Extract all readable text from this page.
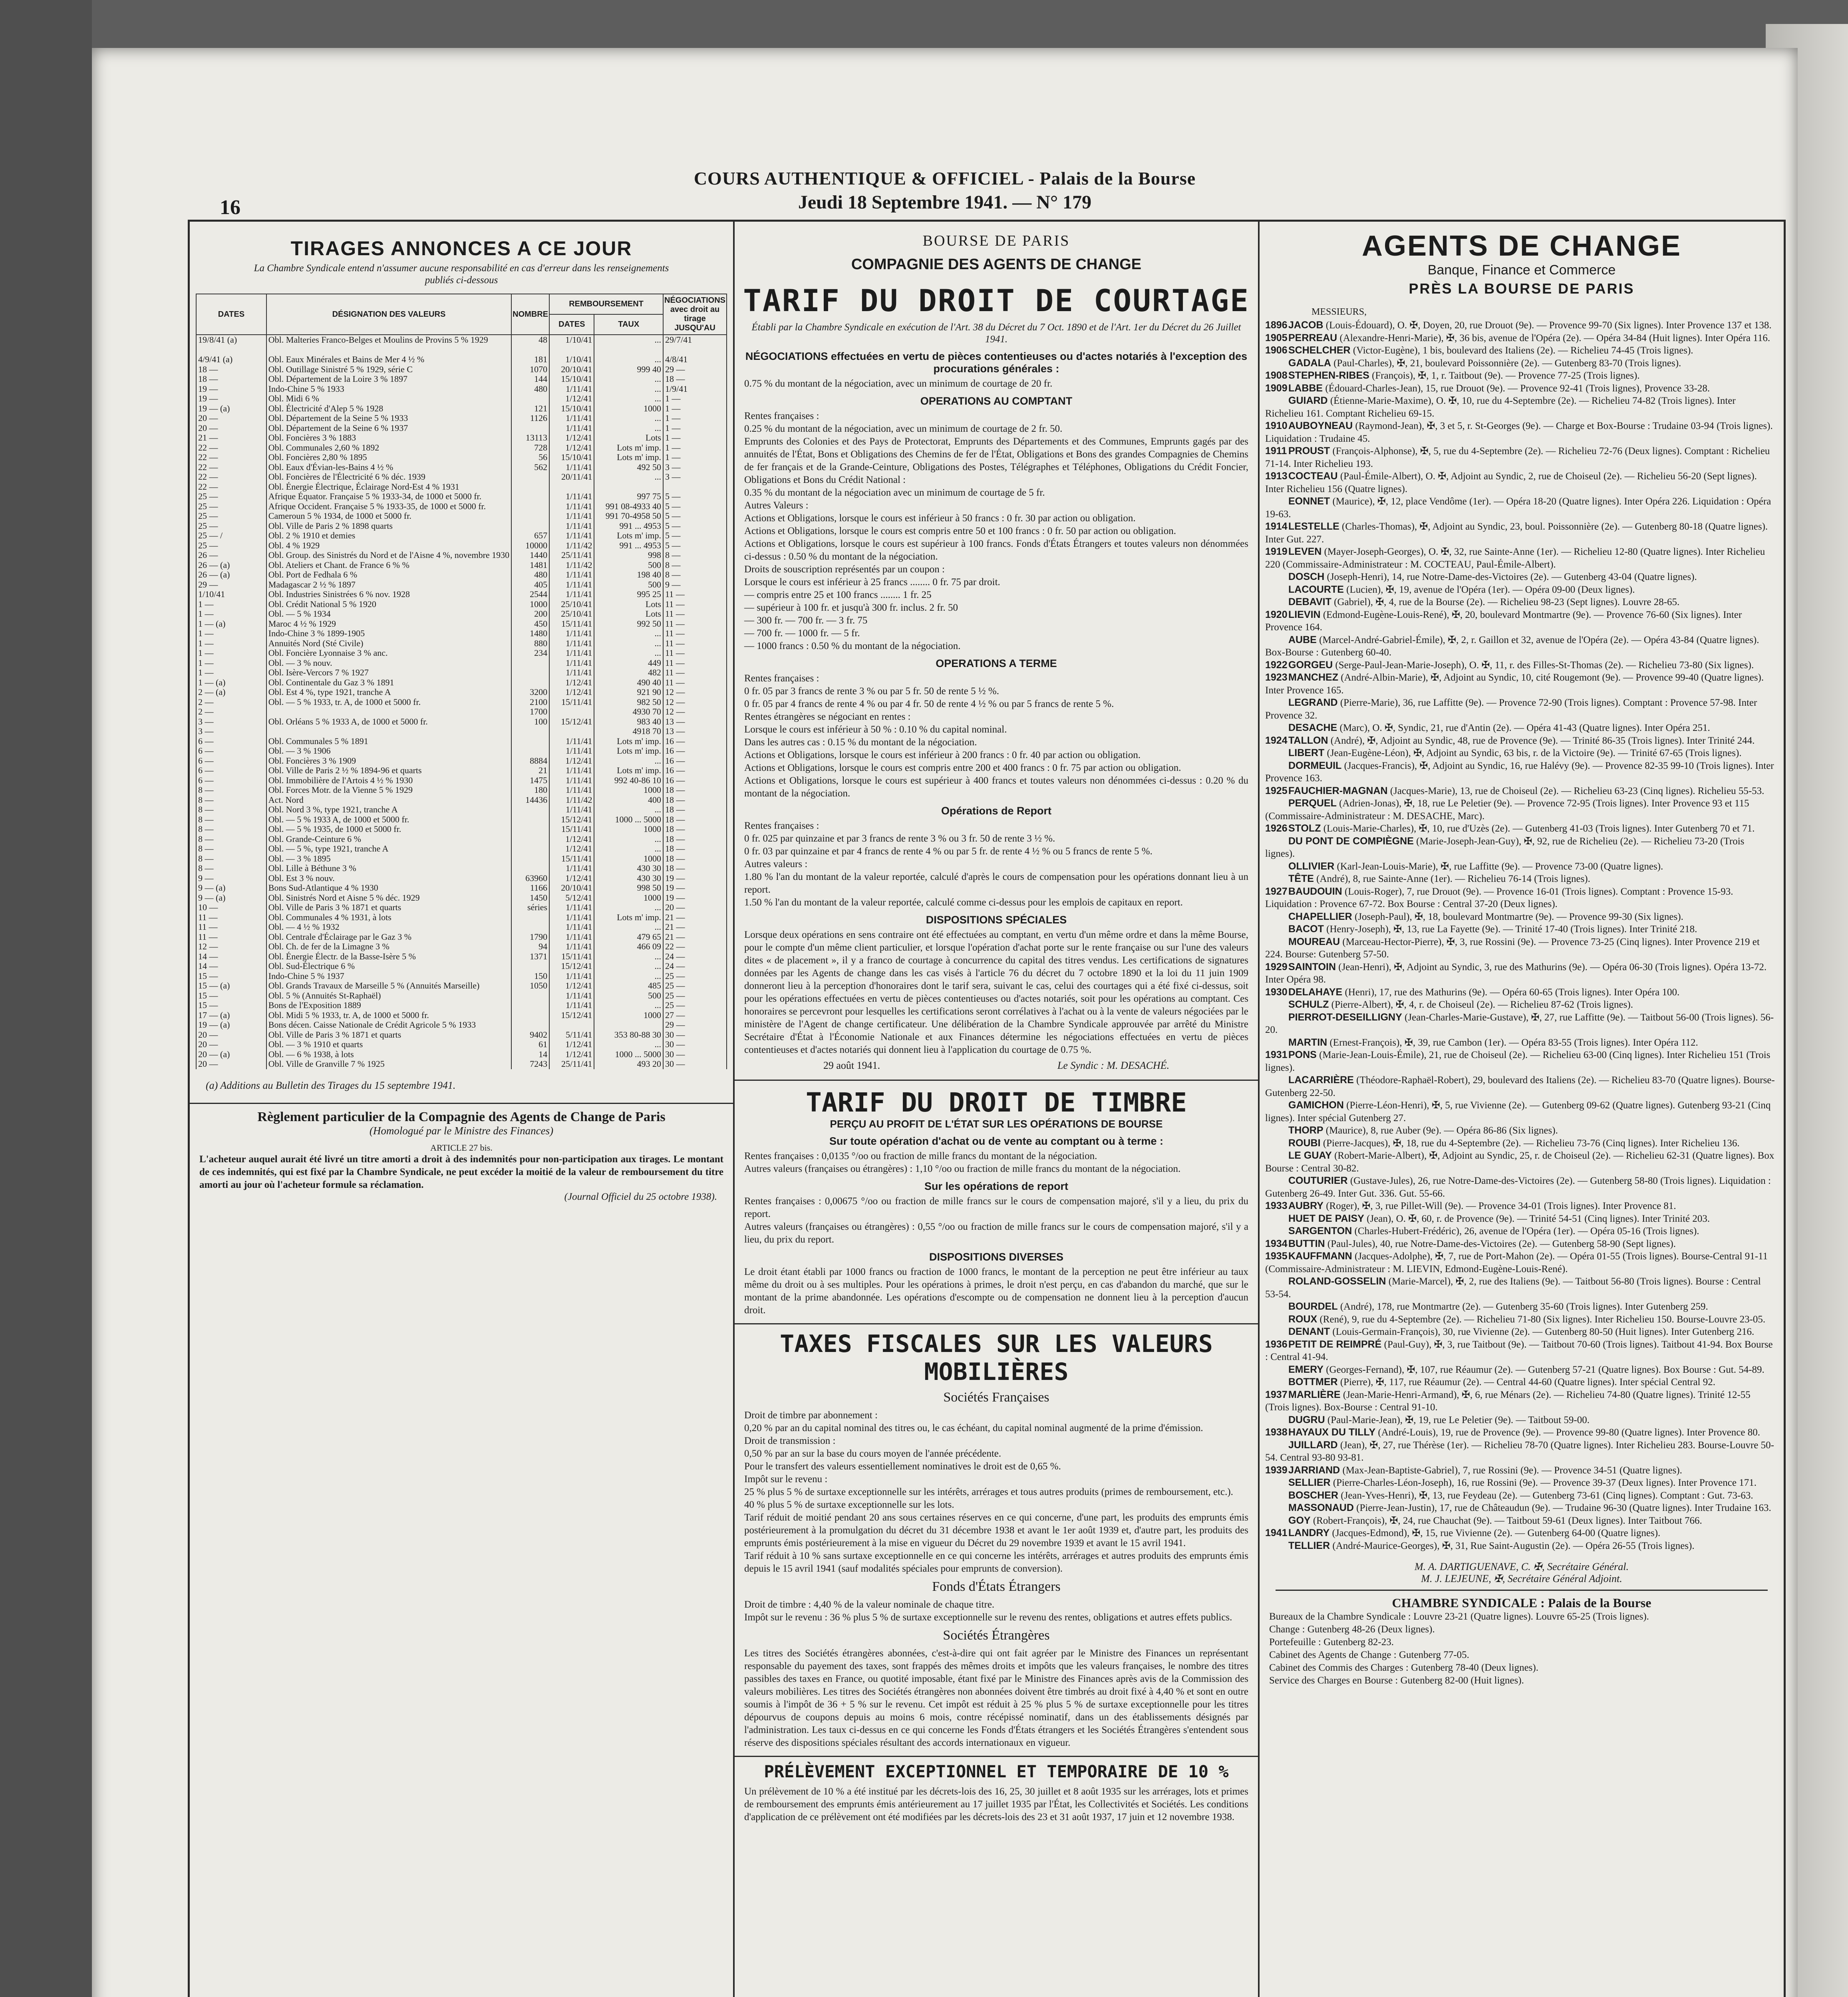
16
COURS AUTHENTIQUE & OFFICIEL - Palais de la Bourse
Jeudi 18 Septembre 1941. — N° 179
TIRAGES ANNONCES A CE JOUR
La Chambre Syndicale entend n'assumer aucune responsabilité en cas d'erreur dans les renseignements publiés ci-dessous
DATES	DÉSIGNATION DES VALEURS	NOMBRE	REMBOURSEMENT		NÉGOCIATIONS avec droit au tirage JUSQU'AU
			DATES	TAUX	
19/8/41 (a)	Obl. Malteries Franco-Belges et Moulins de Provins 5 % 1929	48	1/10/41	...	29/7/41

4/9/41 (a)	Obl. Eaux Minérales et Bains de Mer 4 ½ %	181	1/10/41	...	4/8/41
18 —	Obl. Outillage Sinistré 5 % 1929, série C	1070	20/10/41	999 40	29 —
18 —	Obl. Département de la Loire 3 % 1897	144	15/10/41	...	18 —
19 —	Indo-Chine 5 % 1933	480	1/11/41	...	1/9/41
19 —	Obl. Midi 6 %		1/12/41	...	1 —
19 — (a)	Obl. Électricité d'Alep 5 % 1928	121	15/10/41	1000	1 —
20 —	Obl. Département de la Seine 5 % 1933	1126	1/11/41	...	1 —
20 —	Obl. Département de la Seine 6 % 1937		1/11/41	...	1 —
21 —	Obl. Foncières 3 % 1883	13113	1/12/41	Lots	1 —
22 —	Obl. Communales 2,60 % 1892	728	1/12/41	Lots m' imp.	1 —
22 —	Obl. Foncières 2,80 % 1895	56	15/10/41	Lots m' imp.	1 —
22 —	Obl. Eaux d'Évian-les-Bains 4 ½ %	562	1/11/41	492 50	3 —
22 —	Obl. Foncières de l'Électricité 6 % déc. 1939		20/11/41	...	3 —
22 —	Obl. Énergie Électrique, Éclairage Nord-Est 4 % 1931				
25 —	Afrique Équator. Française 5 % 1933-34, de 1000 et 5000 fr.		1/11/41	997 75	5 —
25 —	Afrique Occident. Française 5 % 1933-35, de 1000 et 5000 fr.		1/11/41	991 08-4933 40	5 —
25 —	Cameroun 5 % 1934, de 1000 et 5000 fr.		1/11/41	991 70-4958 50	5 —
25 —	Obl. Ville de Paris 2 % 1898 quarts		1/11/41	991 ... 4953	5 —
25 — /	Obl. 2 % 1910 et demies	657	1/11/41	Lots m' imp.	5 —
25 —	Obl. 4 % 1929	10000	1/11/42	991 ... 4953	5 —
26 —	Obl. Group. des Sinistrés du Nord et de l'Aisne 4 %, novembre 1930	1440	25/11/41	998	8 —
26 — (a)	Obl. Ateliers et Chant. de France 6 % %	1481	1/11/42	500	8 —
26 — (a)	Obl. Port de Fedhala 6 %	480	1/11/41	198 40	8 —
29 —	Madagascar 2 ½ % 1897	405	1/11/41	500	9 —
1/10/41	Obl. Industries Sinistrées 6 % nov. 1928	2544	1/11/41	995 25	11 —
1 —	Obl. Crédit National 5 % 1920	1000	25/10/41	Lots	11 —
1 —	Obl. — 5 % 1934	200	25/10/41	Lots	11 —
1 — (a)	Maroc 4 ½ % 1929	450	15/11/41	992 50	11 —
1 —	Indo-Chine 3 % 1899-1905	1480	1/11/41	...	11 —
1 —	Annuités Nord (Sté Civile)	880	1/11/41	...	11 —
1 —	Obl. Foncière Lyonnaise 3 % anc.	234	1/11/41	...	11 —
1 —	Obl. — 3 % nouv.		1/11/41	449	11 —
1 —	Obl. Isère-Vercors 7 % 1927		1/11/41	482	11 —
1 — (a)	Obl. Continentale du Gaz 3 % 1891		1/12/41	490 40	11 —
2 — (a)	Obl. Est 4 %, type 1921, tranche A	3200	1/12/41	921 90	12 —
2 —	Obl. — 5 % 1933, tr. A, de 1000 et 5000 fr.	2100	15/11/41	982 50	12 —
2 —		1700		4930 70	12 —
3 —	Obl. Orléans 5 % 1933 A, de 1000 et 5000 fr.	100	15/12/41	983 40	13 —
3 —				4918 70	13 —
6 —	Obl. Communales 5 % 1891		1/11/41	Lots m' imp.	16 —
6 —	Obl. — 3 % 1906		1/11/41	Lots m' imp.	16 —
6 —	Obl. Foncières 3 % 1909	8884	1/12/41	...	16 —
6 —	Obl. Ville de Paris 2 ½ % 1894-96 et quarts	21	1/11/41	Lots m' imp.	16 —
6 —	Obl. Immobilière de l'Artois 4 ½ % 1930	1475	1/11/41	992 40-86 10	16 —
8 —	Obl. Forces Motr. de la Vienne 5 % 1929	180	1/11/41	1000	18 —
8 —	Act. Nord	14436	1/11/42	400	18 —
8 —	Obl. Nord 3 %, type 1921, tranche A		1/11/41	...	18 —
8 —	Obl. — 5 % 1933 A, de 1000 et 5000 fr.		15/12/41	1000 ... 5000	18 —
8 —	Obl. — 5 % 1935, de 1000 et 5000 fr.		15/11/41	1000	18 —
8 —	Obl. Grande-Ceinture 6 %		1/12/41	...	18 —
8 —	Obl. — 5 %, type 1921, tranche A		1/12/41	...	18 —
8 —	Obl. — 3 % 1895		15/11/41	1000	18 —
8 —	Obl. Lille à Béthune 3 %		1/11/41	430 30	18 —
9 —	Obl. Est 3 % nouv.	63960	1/12/41	430 30	19 —
9 — (a)	Bons Sud-Atlantique 4 % 1930	1166	20/10/41	998 50	19 —
9 — (a)	Obl. Sinistrés Nord et Aisne 5 % déc. 1929	1450	5/12/41	1000	19 —
10 —	Obl. Ville de Paris 3 % 1871 et quarts	séries	1/11/41	...	20 —
11 —	Obl. Communales 4 % 1931, à lots		1/11/41	Lots m' imp.	21 —
11 —	Obl. — 4 ½ % 1932		1/11/41	...	21 —
11 —	Obl. Centrale d'Éclairage par le Gaz 3 %	1790	1/11/41	479 65	21 —
12 —	Obl. Ch. de fer de la Limagne 3 %	94	1/11/41	466 09	22 —
14 —	Obl. Énergie Électr. de la Basse-Isère 5 %	1371	15/11/41	...	24 —
14 —	Obl. Sud-Électrique 6 %		15/12/41	...	24 —
15 —	Indo-Chine 5 % 1937	150	1/11/41	...	25 —
15 — (a)	Obl. Grands Travaux de Marseille 5 % (Annuités Marseille)	1050	1/12/41	485	25 —
15 —	Obl. 5 % (Annuités St-Raphaël)		1/11/41	500	25 —
15 —	Bons de l'Exposition 1889		1/11/41	...	25 —
17 — (a)	Obl. Midi 5 % 1933, tr. A, de 1000 et 5000 fr.		15/12/41	1000	27 —
19 — (a)	Bons décen. Caisse Nationale de Crédit Agricole 5 % 1933				29 —
20 —	Obl. Ville de Paris 3 % 1871 et quarts	9402	5/11/41	353 80-88 30	30 —
20 —	Obl. — 3 % 1910 et quarts	61	1/12/41	...	30 —
20 — (a)	Obl. — 6 % 1938, à lots	14	1/12/41	1000 ... 5000	30 —
20 —	Obl. Ville de Granville 7 % 1925	7243	25/11/41	493 20	30 —
(a) Additions au Bulletin des Tirages du 15 septembre 1941.
Règlement particulier de la Compagnie des Agents de Change de Paris
(Homologué par le Ministre des Finances)
ARTICLE 27 bis.
L'acheteur auquel aurait été livré un titre amorti a droit à des indemnités pour non-participation aux tirages. Le montant de ces indemnités, qui est fixé par la Chambre Syndicale, ne peut excéder la moitié de la valeur de remboursement du titre amorti au jour où l'acheteur formule sa réclamation.
(Journal Officiel du 25 octobre 1938).
BOURSE DE PARIS
COMPAGNIE DES AGENTS DE CHANGE
TARIF DU DROIT DE COURTAGE
Établi par la Chambre Syndicale en exécution de l'Art. 38 du Décret du 7 Oct. 1890 et de l'Art. 1er du Décret du 26 Juillet 1941.
NÉGOCIATIONS effectuées en vertu de pièces contentieuses ou d'actes notariés à l'exception des procurations générales :
0.75 % du montant de la négociation, avec un minimum de courtage de 20 fr.
OPERATIONS AU COMPTANT
Rentes françaises :
0.25 % du montant de la négociation, avec un minimum de courtage de 2 fr. 50.
Emprunts des Colonies et des Pays de Protectorat, Emprunts des Départements et des Communes, Emprunts gagés par des annuités de l'État, Bons et Obligations des Chemins de fer de l'État, Obligations et Bons des grandes Compagnies de Chemins de fer français et de la Grande-Ceinture, Obligations des Postes, Télégraphes et Téléphones, Obligations du Crédit Foncier, Obligations et Bons du Crédit National :
0.35 % du montant de la négociation avec un minimum de courtage de 5 fr.
Autres Valeurs :
Actions et Obligations, lorsque le cours est inférieur à 50 francs : 0 fr. 30 par action ou obligation.
Actions et Obligations, lorsque le cours est compris entre 50 et 100 francs : 0 fr. 50 par action ou obligation.
Actions et Obligations, lorsque le cours est supérieur à 100 francs. Fonds d'États Étrangers et toutes valeurs non dénommées ci-dessus : 0.50 % du montant de la négociation.
Droits de souscription représentés par un coupon :
Lorsque le cours est inférieur à 25 francs ........ 0 fr. 75 par droit.
— compris entre 25 et 100 francs ........ 1 fr. 25
— supérieur à 100 fr. et jusqu'à 300 fr. inclus. 2 fr. 50
— 300 fr. — 700 fr. — 3 fr. 75
— 700 fr. — 1000 fr. — 5 fr.
— 1000 francs : 0.50 % du montant de la négociation.
OPERATIONS A TERME
Rentes françaises :
0 fr. 05 par 3 francs de rente 3 % ou par 5 fr. 50 de rente 5 ½ %.
0 fr. 05 par 4 francs de rente 4 % ou par 4 fr. 50 de rente 4 ½ % ou par 5 francs de rente 5 %.
Rentes étrangères se négociant en rentes :
Lorsque le cours est inférieur à 50 % : 0.10 % du capital nominal.
Dans les autres cas : 0.15 % du montant de la négociation.
Actions et Obligations, lorsque le cours est inférieur à 200 francs : 0 fr. 40 par action ou obligation.
Actions et Obligations, lorsque le cours est compris entre 200 et 400 francs : 0 fr. 75 par action ou obligation.
Actions et Obligations, lorsque le cours est supérieur à 400 francs et toutes valeurs non dénommées ci-dessus : 0.20 % du montant de la négociation.
Opérations de Report
Rentes françaises :
0 fr. 025 par quinzaine et par 3 francs de rente 3 % ou 3 fr. 50 de rente 3 ½ %.
0 fr. 03 par quinzaine et par 4 francs de rente 4 % ou par 5 fr. de rente 4 ½ % ou 5 francs de rente 5 %.
Autres valeurs :
1.80 % l'an du montant de la valeur reportée, calculé d'après le cours de compensation pour les opérations donnant lieu à un report.
1.50 % l'an du montant de la valeur reportée, calculé comme ci-dessus pour les emplois de capitaux en report.
DISPOSITIONS SPÉCIALES
Lorsque deux opérations en sens contraire ont été effectuées au comptant, en vertu d'un même ordre et dans la même Bourse, pour le compte d'un même client particulier, et lorsque l'opération d'achat porte sur le rente française ou sur l'une des valeurs dites « de placement », il y a franco de courtage à concurrence du capital des titres vendus. Les certifications de signatures données par les Agents de change dans les cas visés à l'article 76 du décret du 7 octobre 1890 et la loi du 11 juin 1909 donneront lieu à la perception d'honoraires dont le tarif sera, suivant le cas, celui des courtages qui a été fixé ci-dessus, soit pour les opérations effectuées en vertu de pièces contentieuses ou d'actes notariés, soit pour les opérations au comptant. Ces honoraires se percevront pour lesquelles les certifications seront corrélatives à l'achat ou à la vente de valeurs négociées par le ministère de l'Agent de change certificateur. Une délibération de la Chambre Syndicale approuvée par arrêté du Ministre Secrétaire d'État à l'Économie Nationale et aux Finances détermine les négociations effectuées en vertu de pièces contentieuses et d'actes notariés qui donnent lieu à l'application du courtage de 0.75 %.
29 août 1941.	Le Syndic : M. DESACHÉ.
TARIF DU DROIT DE TIMBRE
PERÇU AU PROFIT DE L'ÉTAT SUR LES OPÉRATIONS DE BOURSE
Sur toute opération d'achat ou de vente au comptant ou à terme :
Rentes françaises : 0,0135 °/oo ou fraction de mille francs du montant de la négociation.
Autres valeurs (françaises ou étrangères) : 1,10 °/oo ou fraction de mille francs du montant de la négociation.
Sur les opérations de report
Rentes françaises : 0,00675 °/oo ou fraction de mille francs sur le cours de compensation majoré, s'il y a lieu, du prix du report.
Autres valeurs (françaises ou étrangères) : 0,55 °/oo ou fraction de mille francs sur le cours de compensation majoré, s'il y a lieu, du prix du report.
DISPOSITIONS DIVERSES
Le droit étant établi par 1000 francs ou fraction de 1000 francs, le montant de la perception ne peut être inférieur au taux même du droit ou à ses multiples. Pour les opérations à primes, le droit n'est perçu, en cas d'abandon du marché, que sur le montant de la prime abandonnée. Les opérations d'escompte ou de compensation ne donnent lieu à la perception d'aucun droit.
TAXES FISCALES SUR LES VALEURS MOBILIÈRES
Sociétés Françaises
Droit de timbre par abonnement :
0,20 % par an du capital nominal des titres ou, le cas échéant, du capital nominal augmenté de la prime d'émission.
Droit de transmission :
0,50 % par an sur la base du cours moyen de l'année précédente.
Pour le transfert des valeurs essentiellement nominatives le droit est de 0,65 %.
Impôt sur le revenu :
25 % plus 5 % de surtaxe exceptionnelle sur les intérêts, arrérages et tous autres produits (primes de remboursement, etc.).
40 % plus 5 % de surtaxe exceptionnelle sur les lots.
Tarif réduit de moitié pendant 20 ans sous certaines réserves en ce qui concerne, d'une part, les produits des emprunts émis postérieurement à la promulgation du décret du 31 décembre 1938 et avant le 1er août 1939 et, d'autre part, les produits des emprunts émis postérieurement à la mise en vigueur du Décret du 29 novembre 1939 et avant le 15 avril 1941.
Tarif réduit à 10 % sans surtaxe exceptionnelle en ce qui concerne les intérêts, arrérages et autres produits des emprunts émis depuis le 15 avril 1941 (sauf modalités spéciales pour emprunts de conversion).
Fonds d'États Étrangers
Droit de timbre : 4,40 % de la valeur nominale de chaque titre.
Impôt sur le revenu : 36 % plus 5 % de surtaxe exceptionnelle sur le revenu des rentes, obligations et autres effets publics.
Sociétés Étrangères
Les titres des Sociétés étrangères abonnées, c'est-à-dire qui ont fait agréer par le Ministre des Finances un représentant responsable du payement des taxes, sont frappés des mêmes droits et impôts que les valeurs françaises, le nombre des titres passibles des taxes en France, ou quotité imposable, étant fixé par le Ministre des Finances après avis de la Commission des valeurs mobilières. Les titres des Sociétés étrangères non abonnées doivent être timbrés au droit fixé à 4,40 % et sont en outre soumis à l'impôt de 36 + 5 % sur le revenu. Cet impôt est réduit à 25 % plus 5 % de surtaxe exceptionnelle pour les titres dépourvus de coupons depuis au moins 6 mois, contre récépissé nominatif, dans un des établissements désignés par l'administration. Les taux ci-dessus en ce qui concerne les Fonds d'États étrangers et les Sociétés Étrangères s'entendent sous réserve des dispositions spéciales résultant des accords internationaux en vigueur.
PRÉLÈVEMENT EXCEPTIONNEL ET TEMPORAIRE DE 10 %
Un prélèvement de 10 % a été institué par les décrets-lois des 16, 25, 30 juillet et 8 août 1935 sur les arrérages, lots et primes de remboursement des emprunts émis antérieurement au 17 juillet 1935 par l'État, les Collectivités et Sociétés. Les conditions d'application de ce prélèvement ont été modifiées par les décrets-lois des 23 et 31 août 1937, 17 juin et 12 novembre 1938.
AGENTS DE CHANGE
Banque, Finance et Commerce
PRÈS LA BOURSE DE PARIS
MESSIEURS,
1896JACOB (Louis-Édouard), O. ✠, Doyen, 20, rue Drouot (9e). — Provence 99-70 (Six lignes). Inter Provence 137 et 138.
1905PERREAU (Alexandre-Henri-Marie), ✠, 36 bis, avenue de l'Opéra (2e). — Opéra 34-84 (Huit lignes). Inter Opéra 116.
1906SCHELCHER (Victor-Eugène), 1 bis, boulevard des Italiens (2e). — Richelieu 74-45 (Trois lignes).
GADALA (Paul-Charles), ✠, 21, boulevard Poissonnière (2e). — Gutenberg 83-70 (Trois lignes).
1908STEPHEN-RIBES (François), ✠, 1, r. Taitbout (9e). — Provence 77-25 (Trois lignes).
1909LABBE (Édouard-Charles-Jean), 15, rue Drouot (9e). — Provence 92-41 (Trois lignes), Provence 33-28.
GUIARD (Étienne-Marie-Maxime), O. ✠, 10, rue du 4-Septembre (2e). — Richelieu 74-82 (Trois lignes). Inter Richelieu 161. Comptant Richelieu 69-15.
1910AUBOYNEAU (Raymond-Jean), ✠, 3 et 5, r. St-Georges (9e). — Charge et Box-Bourse : Trudaine 03-94 (Trois lignes). Liquidation : Trudaine 45.
1911 PROUST (François-Alphonse), ✠, 5, rue du 4-Septembre (2e). — Richelieu 72-76 (Deux lignes). Comptant : Richelieu 71-14. Inter Richelieu 193.
1913COCTEAU (Paul-Émile-Albert), O. ✠, Adjoint au Syndic, 2, rue de Choiseul (2e). — Richelieu 56-20 (Sept lignes). Inter Richelieu 156 (Quatre lignes).
EONNET (Maurice), ✠, 12, place Vendôme (1er). — Opéra 18-20 (Quatre lignes). Inter Opéra 226. Liquidation : Opéra 19-63.
1914LESTELLE (Charles-Thomas), ✠, Adjoint au Syndic, 23, boul. Poissonnière (2e). — Gutenberg 80-18 (Quatre lignes). Inter Gut. 227.
1919LEVEN (Mayer-Joseph-Georges), O. ✠, 32, rue Sainte-Anne (1er). — Richelieu 12-80 (Quatre lignes). Inter Richelieu 220 (Commissaire-Administrateur : M. COCTEAU, Paul-Émile-Albert).
DOSCH (Joseph-Henri), 14, rue Notre-Dame-des-Victoires (2e). — Gutenberg 43-04 (Quatre lignes).
LACOURTE (Lucien), ✠, 19, avenue de l'Opéra (1er). — Opéra 09-00 (Deux lignes).
DEBAVIT (Gabriel), ✠, 4, rue de la Bourse (2e). — Richelieu 98-23 (Sept lignes). Louvre 28-65.
1920LIEVIN (Edmond-Eugène-Louis-René), ✠, 20, boulevard Montmartre (9e). — Provence 76-60 (Six lignes). Inter Provence 164.
AUBE (Marcel-André-Gabriel-Émile), ✠, 2, r. Gaillon et 32, avenue de l'Opéra (2e). — Opéra 43-84 (Quatre lignes). Box-Bourse : Gutenberg 60-40.
1922GORGEU (Serge-Paul-Jean-Marie-Joseph), O. ✠, 11, r. des Filles-St-Thomas (2e). — Richelieu 73-80 (Six lignes).
1923MANCHEZ (André-Albin-Marie), ✠, Adjoint au Syndic, 10, cité Rougemont (9e). — Provence 99-40 (Quatre lignes). Inter Provence 165.
LEGRAND (Pierre-Marie), 36, rue Laffitte (9e). — Provence 72-90 (Trois lignes). Comptant : Provence 57-98. Inter Provence 32.
DESACHE (Marc), O. ✠, Syndic, 21, rue d'Antin (2e). — Opéra 41-43 (Quatre lignes). Inter Opéra 251.
1924TALLON (André), ✠, Adjoint au Syndic, 48, rue de Provence (9e). — Trinité 86-35 (Trois lignes). Inter Trinité 244.
LIBERT (Jean-Eugène-Léon), ✠, Adjoint au Syndic, 63 bis, r. de la Victoire (9e). — Trinité 67-65 (Trois lignes).
DORMEUIL (Jacques-Francis), ✠, Adjoint au Syndic, 16, rue Halévy (9e). — Provence 82-35 99-10 (Trois lignes). Inter Provence 163.
1925FAUCHIER-MAGNAN (Jacques-Marie), 13, rue de Choiseul (2e). — Richelieu 63-23 (Cinq lignes). Richelieu 55-53.
PERQUEL (Adrien-Jonas), ✠, 18, rue Le Peletier (9e). — Provence 72-95 (Trois lignes). Inter Provence 93 et 115 (Commissaire-Administrateur : M. DESACHE, Marc).
1926STOLZ (Louis-Marie-Charles), ✠, 10, rue d'Uzès (2e). — Gutenberg 41-03 (Trois lignes). Inter Gutenberg 70 et 71.
DU PONT DE COMPIÈGNE (Marie-Joseph-Jean-Guy), ✠, 92, rue de Richelieu (2e). — Richelieu 73-20 (Trois lignes).
OLLIVIER (Karl-Jean-Louis-Marie), ✠, rue Laffitte (9e). — Provence 73-00 (Quatre lignes).
TÊTE (André), 8, rue Sainte-Anne (1er). — Richelieu 76-14 (Trois lignes).
1927BAUDOUIN (Louis-Roger), 7, rue Drouot (9e). — Provence 16-01 (Trois lignes). Comptant : Provence 15-93. Liquidation : Provence 67-72. Box Bourse : Central 37-20 (Deux lignes).
CHAPELLIER (Joseph-Paul), ✠, 18, boulevard Montmartre (9e). — Provence 99-30 (Six lignes).
BACOT (Henry-Joseph), ✠, 13, rue La Fayette (9e). — Trinité 17-40 (Trois lignes). Inter Trinité 218.
MOUREAU (Marceau-Hector-Pierre), ✠, 3, rue Rossini (9e). — Provence 73-25 (Cinq lignes). Inter Provence 219 et 224. Bourse: Gutenberg 57-50.
1929SAINTOIN (Jean-Henri), ✠, Adjoint au Syndic, 3, rue des Mathurins (9e). — Opéra 06-30 (Trois lignes). Opéra 13-72. Inter Opéra 98.
1930DELAHAYE (Henri), 17, rue des Mathurins (9e). — Opéra 60-65 (Trois lignes). Inter Opéra 100.
SCHULZ (Pierre-Albert), ✠, 4, r. de Choiseul (2e). — Richelieu 87-62 (Trois lignes).
PIERROT-DESEILLIGNY (Jean-Charles-Marie-Gustave), ✠, 27, rue Laffitte (9e). — Taitbout 56-00 (Trois lignes). 56-20.
MARTIN (Ernest-François), ✠, 39, rue Cambon (1er). — Opéra 83-55 (Trois lignes). Inter Opéra 112.
1931PONS (Marie-Jean-Louis-Émile), 21, rue de Choiseul (2e). — Richelieu 63-00 (Cinq lignes). Inter Richelieu 151 (Trois lignes).
LACARRIÈRE (Théodore-Raphaël-Robert), 29, boulevard des Italiens (2e). — Richelieu 83-70 (Quatre lignes). Bourse-Gutenberg 22-50.
GAMICHON (Pierre-Léon-Henri), ✠, 5, rue Vivienne (2e). — Gutenberg 09-62 (Quatre lignes). Gutenberg 93-21 (Cinq lignes). Inter spécial Gutenberg 27.
THORP (Maurice), 8, rue Auber (9e). — Opéra 86-86 (Six lignes).
ROUBI (Pierre-Jacques), ✠, 18, rue du 4-Septembre (2e). — Richelieu 73-76 (Cinq lignes). Inter Richelieu 136.
LE GUAY (Robert-Marie-Albert), ✠, Adjoint au Syndic, 25, r. de Choiseul (2e). — Richelieu 62-31 (Quatre lignes). Box Bourse : Central 30-82.
COUTURIER (Gustave-Jules), 26, rue Notre-Dame-des-Victoires (2e). — Gutenberg 58-80 (Trois lignes). Liquidation : Gutenberg 26-49. Inter Gut. 336. Gut. 55-66.
1933AUBRY (Roger), ✠, 3, rue Pillet-Will (9e). — Provence 34-01 (Trois lignes). Inter Provence 81.
HUET DE PAISY (Jean), O. ✠, 60, r. de Provence (9e). — Trinité 54-51 (Cinq lignes). Inter Trinité 203.
SARGENTON (Charles-Hubert-Frédéric), 26, avenue de l'Opéra (1er). — Opéra 05-16 (Trois lignes).
1934BUTTIN (Paul-Jules), 40, rue Notre-Dame-des-Victoires (2e). — Gutenberg 58-90 (Sept lignes).
1935KAUFFMANN (Jacques-Adolphe), ✠, 7, rue de Port-Mahon (2e). — Opéra 01-55 (Trois lignes). Bourse-Central 91-11 (Commissaire-Administrateur : M. LIEVIN, Edmond-Eugène-Louis-René).
ROLAND-GOSSELIN (Marie-Marcel), ✠, 2, rue des Italiens (9e). — Taitbout 56-80 (Trois lignes). Bourse : Central 53-54.
BOURDEL (André), 178, rue Montmartre (2e). — Gutenberg 35-60 (Trois lignes). Inter Gutenberg 259.
ROUX (René), 9, rue du 4-Septembre (2e). — Richelieu 71-80 (Six lignes). Inter Richelieu 150. Bourse-Louvre 23-05.
DENANT (Louis-Germain-François), 30, rue Vivienne (2e). — Gutenberg 80-50 (Huit lignes). Inter Gutenberg 216.
1936PETIT DE REIMPRÉ (Paul-Guy), ✠, 3, rue Taitbout (9e). — Taitbout 70-60 (Trois lignes). Taitbout 41-94. Box Bourse : Central 41-94.
EMERY (Georges-Fernand), ✠, 107, rue Réaumur (2e). — Gutenberg 57-21 (Quatre lignes). Box Bourse : Gut. 54-89.
BOTTMER (Pierre), ✠, 117, rue Réaumur (2e). — Central 44-60 (Quatre lignes). Inter spécial Central 92.
1937MARLIÈRE (Jean-Marie-Henri-Armand), ✠, 6, rue Ménars (2e). — Richelieu 74-80 (Quatre lignes). Trinité 12-55 (Trois lignes). Box-Bourse : Central 91-10.
DUGRU (Paul-Marie-Jean), ✠, 19, rue Le Peletier (9e). — Taitbout 59-00.
1938HAYAUX DU TILLY (André-Louis), 19, rue de Provence (9e). — Provence 99-80 (Quatre lignes). Inter Provence 80.
JUILLARD (Jean), ✠, 27, rue Thérèse (1er). — Richelieu 78-70 (Quatre lignes). Inter Richelieu 283. Bourse-Louvre 50-54. Central 93-80 93-81.
1939JARRIAND (Max-Jean-Baptiste-Gabriel), 7, rue Rossini (9e). — Provence 34-51 (Quatre lignes).
SELLIER (Pierre-Charles-Léon-Joseph), 16, rue Rossini (9e). — Provence 39-37 (Deux lignes). Inter Provence 171.
BOSCHER (Jean-Yves-Henri), ✠, 13, rue Feydeau (2e). — Gutenberg 73-61 (Cinq lignes). Comptant : Gut. 73-63.
MASSONAUD (Pierre-Jean-Justin), 17, rue de Châteaudun (9e). — Trudaine 96-30 (Quatre lignes). Inter Trudaine 163.
GOY (Robert-François), ✠, 24, rue Chauchat (9e). — Taitbout 59-61 (Deux lignes). Inter Taitbout 766.
1941LANDRY (Jacques-Edmond), ✠, 15, rue Vivienne (2e). — Gutenberg 64-00 (Quatre lignes).
TELLIER (André-Maurice-Georges), ✠, 31, Rue Saint-Augustin (2e). — Opéra 26-55 (Trois lignes).
M. A. DARTIGUENAVE, C. ✠, Secrétaire Général.
M. J. LEJEUNE, ✠, Secrétaire Général Adjoint.
CHAMBRE SYNDICALE : Palais de la Bourse
Bureaux de la Chambre Syndicale : Louvre 23-21 (Quatre lignes). Louvre 65-25 (Trois lignes).
Change : Gutenberg 48-26 (Deux lignes).
Portefeuille : Gutenberg 82-23.
Cabinet des Agents de Change : Gutenberg 77-05.
Cabinet des Commis des Charges : Gutenberg 78-40 (Deux lignes).
Service des Charges en Bourse : Gutenberg 82-00 (Huit lignes).
